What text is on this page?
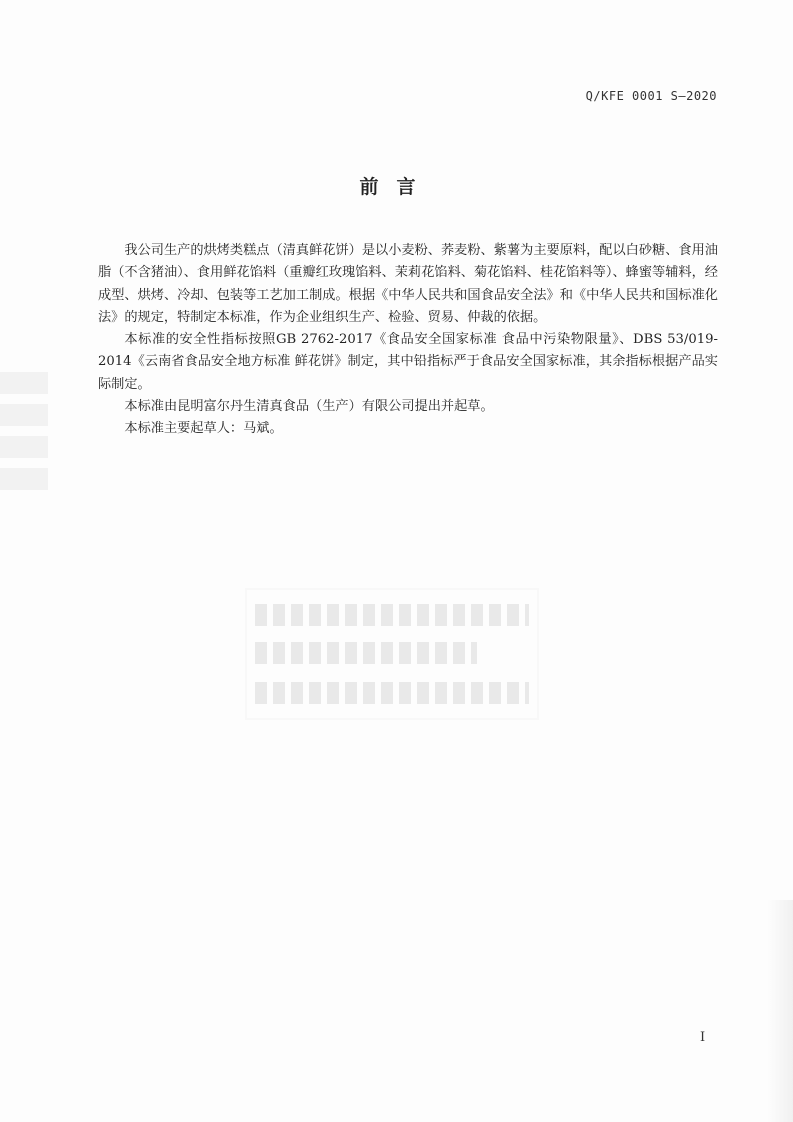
Q/KFE 0001 S—2020
前言

我公司生产的烘烤类糕点（清真鲜花饼）是以小麦粉、荞麦粉、紫薯为主要原料，配以白砂糖、食用油脂（不含猪油）、食用鲜花馅料（重瓣红玫瑰馅料、茉莉花馅料、菊花馅料、桂花馅料等）、蜂蜜等辅料，经成型、烘烤、冷却、包装等工艺加工制成。根据《中华人民共和国食品安全法》和《中华人民共和国标准化法》的规定，特制定本标准，作为企业组织生产、检验、贸易、仲裁的依据。

本标准的安全性指标按照GB 2762-2017《食品安全国家标准 食品中污染物限量》、DBS 53/019-2014《云南省食品安全地方标准 鲜花饼》制定，其中铅指标严于食品安全国家标准，其余指标根据产品实际制定。

本标准由昆明富尔丹生清真食品（生产）有限公司提出并起草。

本标准主要起草人：马斌。

I
